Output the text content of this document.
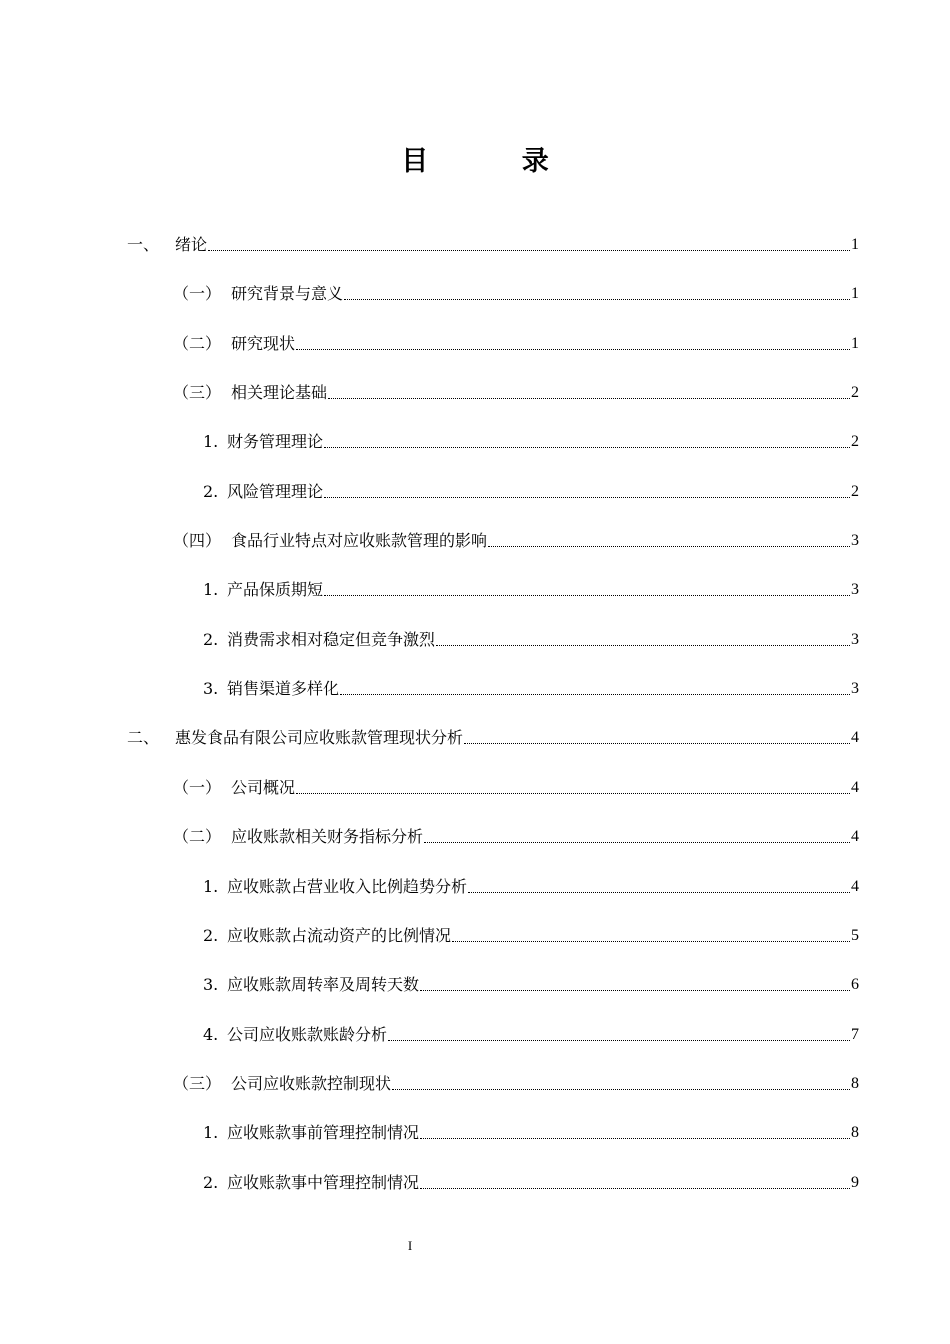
目 录
一、 绪论	1
（一） 研究背景与意义	1
（二） 研究现状	1
（三） 相关理论基础	2
1. 财务管理理论	2
2. 风险管理理论	2
（四） 食品行业特点对应收账款管理的影响	3
1. 产品保质期短	3
2. 消费需求相对稳定但竞争激烈	3
3. 销售渠道多样化	3
二、 惠发食品有限公司应收账款管理现状分析	4
（一） 公司概况	4
（二） 应收账款相关财务指标分析	4
1. 应收账款占营业收入比例趋势分析	4
2. 应收账款占流动资产的比例情况	5
3. 应收账款周转率及周转天数	6
4. 公司应收账款账龄分析	7
（三） 公司应收账款控制现状	8
1. 应收账款事前管理控制情况	8
2. 应收账款事中管理控制情况	9
I
